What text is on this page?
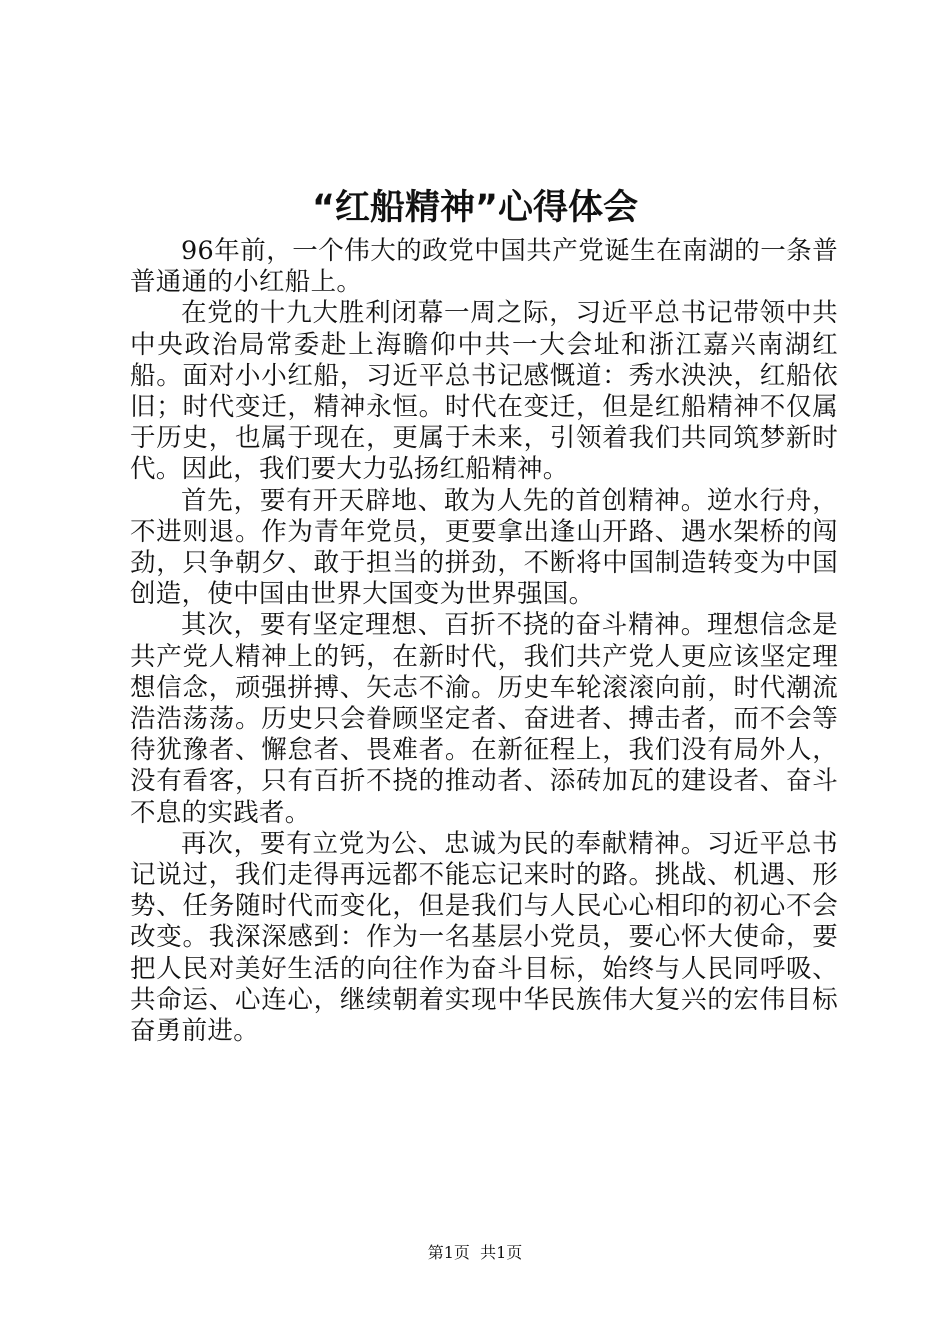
“红船精神”心得体会

96年前，一个伟大的政党中国共产党诞生在南湖的一条普普通通的小红船上。

在党的十九大胜利闭幕一周之际，习近平总书记带领中共中央政治局常委赴上海瞻仰中共一大会址和浙江嘉兴南湖红船。面对小小红船，习近平总书记感慨道：秀水泱泱，红船依旧；时代变迁，精神永恒。时代在变迁，但是红船精神不仅属于历史，也属于现在，更属于未来，引领着我们共同筑梦新时代。因此，我们要大力弘扬红船精神。

首先，要有开天辟地、敢为人先的首创精神。逆水行舟，不进则退。作为青年党员，更要拿出逢山开路、遇水架桥的闯劲，只争朝夕、敢于担当的拼劲，不断将中国制造转变为中国创造，使中国由世界大国变为世界强国。

其次，要有坚定理想、百折不挠的奋斗精神。理想信念是共产党人精神上的钙，在新时代，我们共产党人更应该坚定理想信念，顽强拼搏、矢志不渝。历史车轮滚滚向前，时代潮流浩浩荡荡。历史只会眷顾坚定者、奋进者、搏击者，而不会等待犹豫者、懈怠者、畏难者。在新征程上，我们没有局外人，没有看客，只有百折不挠的推动者、添砖加瓦的建设者、奋斗不息的实践者。

再次，要有立党为公、忠诚为民的奉献精神。习近平总书记说过，我们走得再远都不能忘记来时的路。挑战、机遇、形势、任务随时代而变化，但是我们与人民心心相印的初心不会改变。我深深感到：作为一名基层小党员，要心怀大使命，要把人民对美好生活的向往作为奋斗目标，始终与人民同呼吸、共命运、心连心，继续朝着实现中华民族伟大复兴的宏伟目标奋勇前进。

第1页  共1页
